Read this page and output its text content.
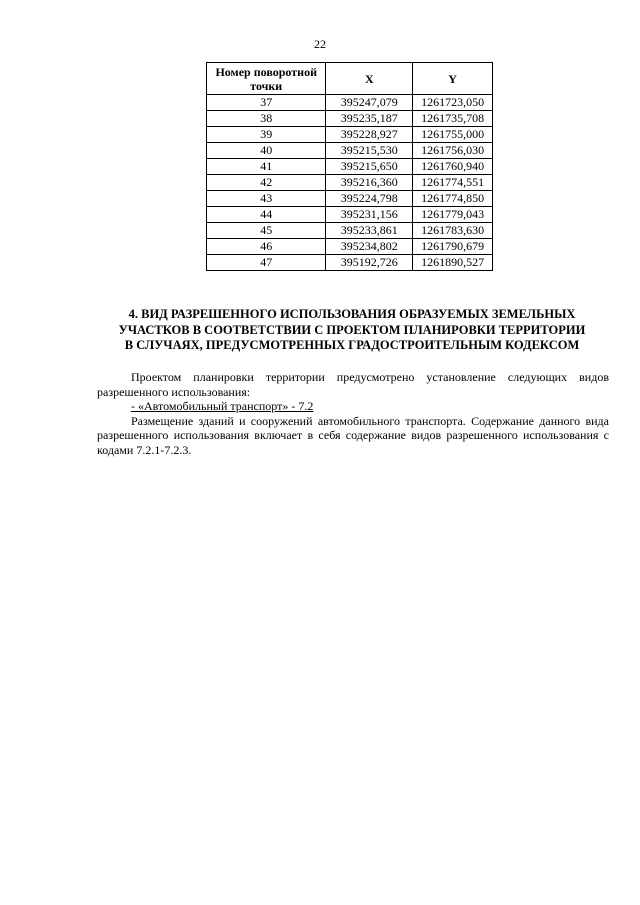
22
Номер поворотной точки	X	Y
37	395247,079	1261723,050
38	395235,187	1261735,708
39	395228,927	1261755,000
40	395215,530	1261756,030
41	395215,650	1261760,940
42	395216,360	1261774,551
43	395224,798	1261774,850
44	395231,156	1261779,043
45	395233,861	1261783,630
46	395234,802	1261790,679
47	395192,726	1261890,527
4. ВИД РАЗРЕШЕННОГО ИСПОЛЬЗОВАНИЯ ОБРАЗУЕМЫХ ЗЕМЕЛЬНЫХ
УЧАСТКОВ В СООТВЕТСТВИИ С ПРОЕКТОМ ПЛАНИРОВКИ ТЕРРИТОРИИ
В СЛУЧАЯХ, ПРЕДУСМОТРЕННЫХ ГРАДОСТРОИТЕЛЬНЫМ КОДЕКСОМ

Проектом планировки территории предусмотрено установление следующих видов разрешенного использования:

- «Автомобильный транспорт» - 7.2

Размещение зданий и сооружений автомобильного транспорта. Содержание данного вида разрешенного использования включает в себя содержание видов разрешенного использования с кодами 7.2.1-7.2.3.
